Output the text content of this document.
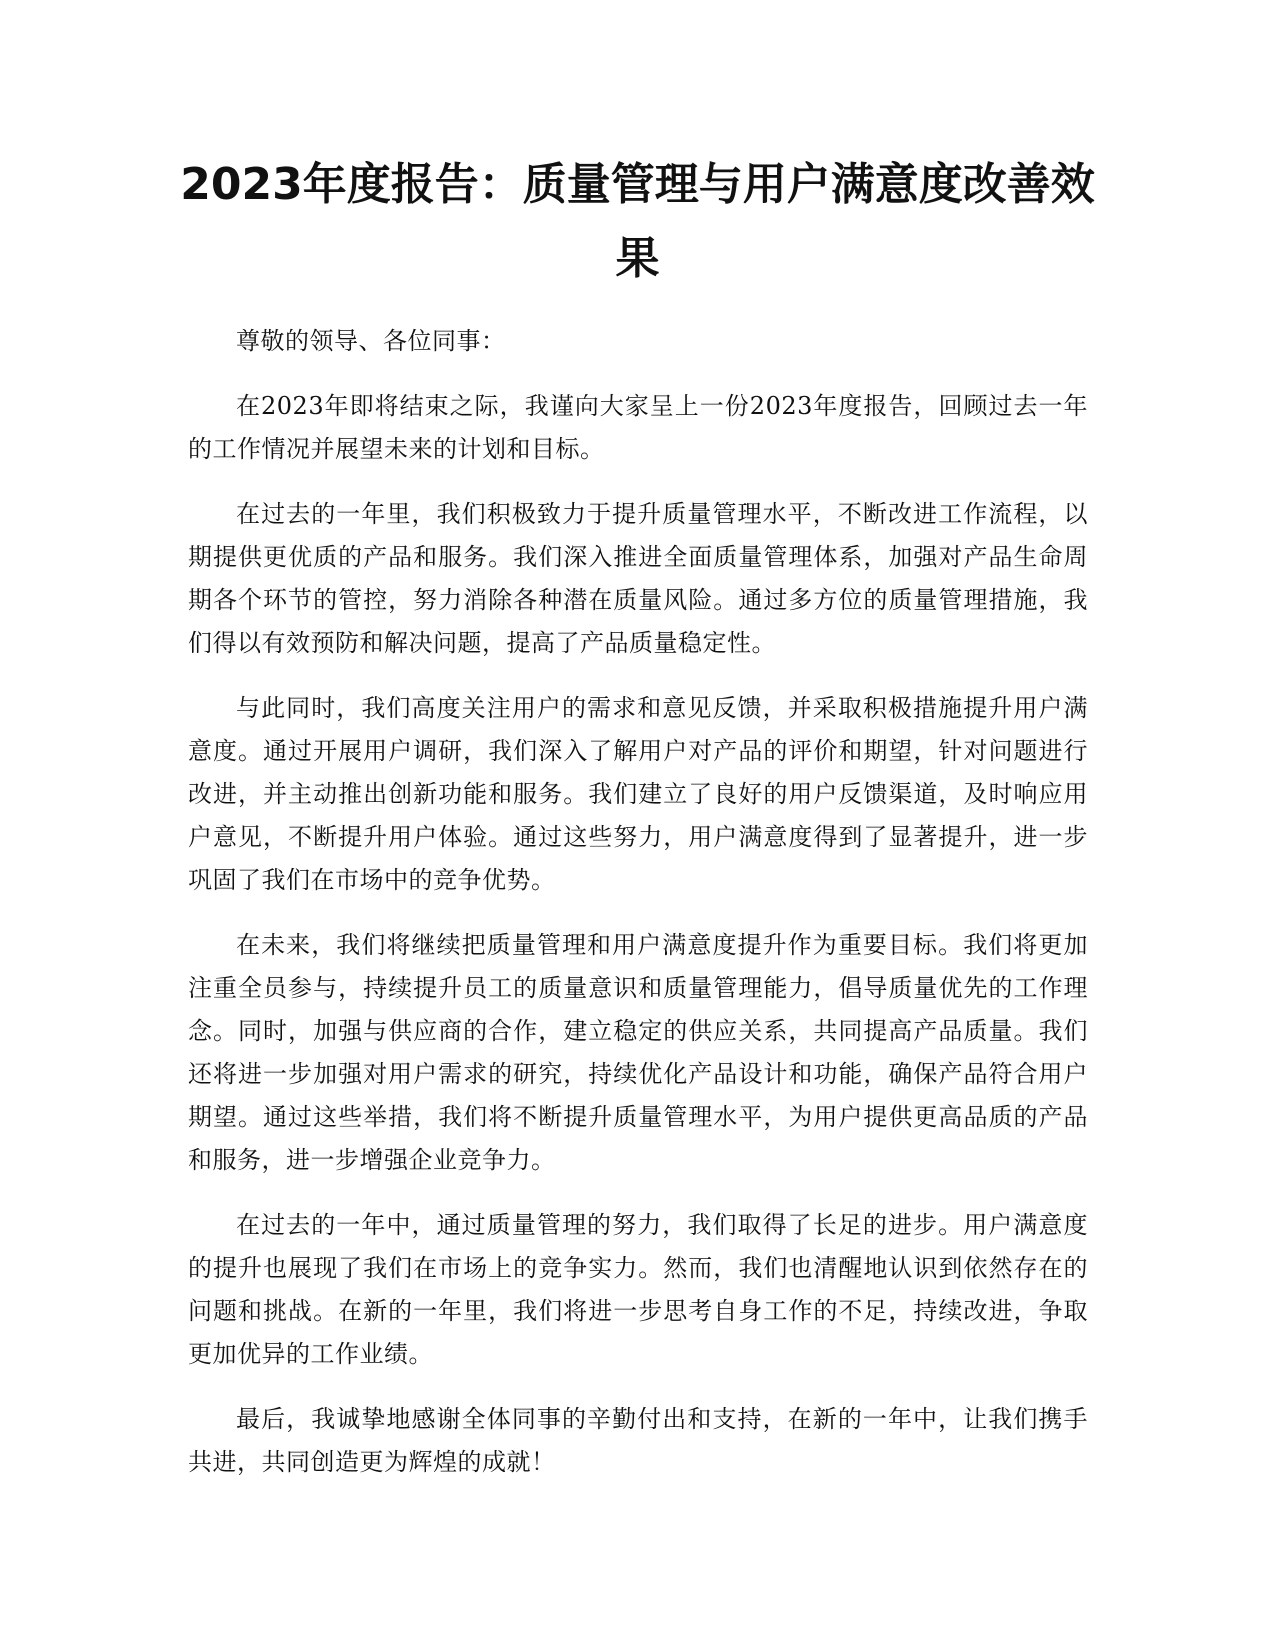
2023年度报告：质量管理与用户满意度改善效果

尊敬的领导、各位同事：

在2023年即将结束之际，我谨向大家呈上一份2023年度报告，回顾过去一年的工作情况并展望未来的计划和目标。

在过去的一年里，我们积极致力于提升质量管理水平，不断改进工作流程，以期提供更优质的产品和服务。我们深入推进全面质量管理体系，加强对产品生命周期各个环节的管控，努力消除各种潜在质量风险。通过多方位的质量管理措施，我们得以有效预防和解决问题，提高了产品质量稳定性。

与此同时，我们高度关注用户的需求和意见反馈，并采取积极措施提升用户满意度。通过开展用户调研，我们深入了解用户对产品的评价和期望，针对问题进行改进，并主动推出创新功能和服务。我们建立了良好的用户反馈渠道，及时响应用户意见，不断提升用户体验。通过这些努力，用户满意度得到了显著提升，进一步巩固了我们在市场中的竞争优势。

在未来，我们将继续把质量管理和用户满意度提升作为重要目标。我们将更加注重全员参与，持续提升员工的质量意识和质量管理能力，倡导质量优先的工作理念。同时，加强与供应商的合作，建立稳定的供应关系，共同提高产品质量。我们还将进一步加强对用户需求的研究，持续优化产品设计和功能，确保产品符合用户期望。通过这些举措，我们将不断提升质量管理水平，为用户提供更高品质的产品和服务，进一步增强企业竞争力。

在过去的一年中，通过质量管理的努力，我们取得了长足的进步。用户满意度的提升也展现了我们在市场上的竞争实力。然而，我们也清醒地认识到依然存在的问题和挑战。在新的一年里，我们将进一步思考自身工作的不足，持续改进，争取更加优异的工作业绩。

最后，我诚挚地感谢全体同事的辛勤付出和支持，在新的一年中，让我们携手共进，共同创造更为辉煌的成就！
